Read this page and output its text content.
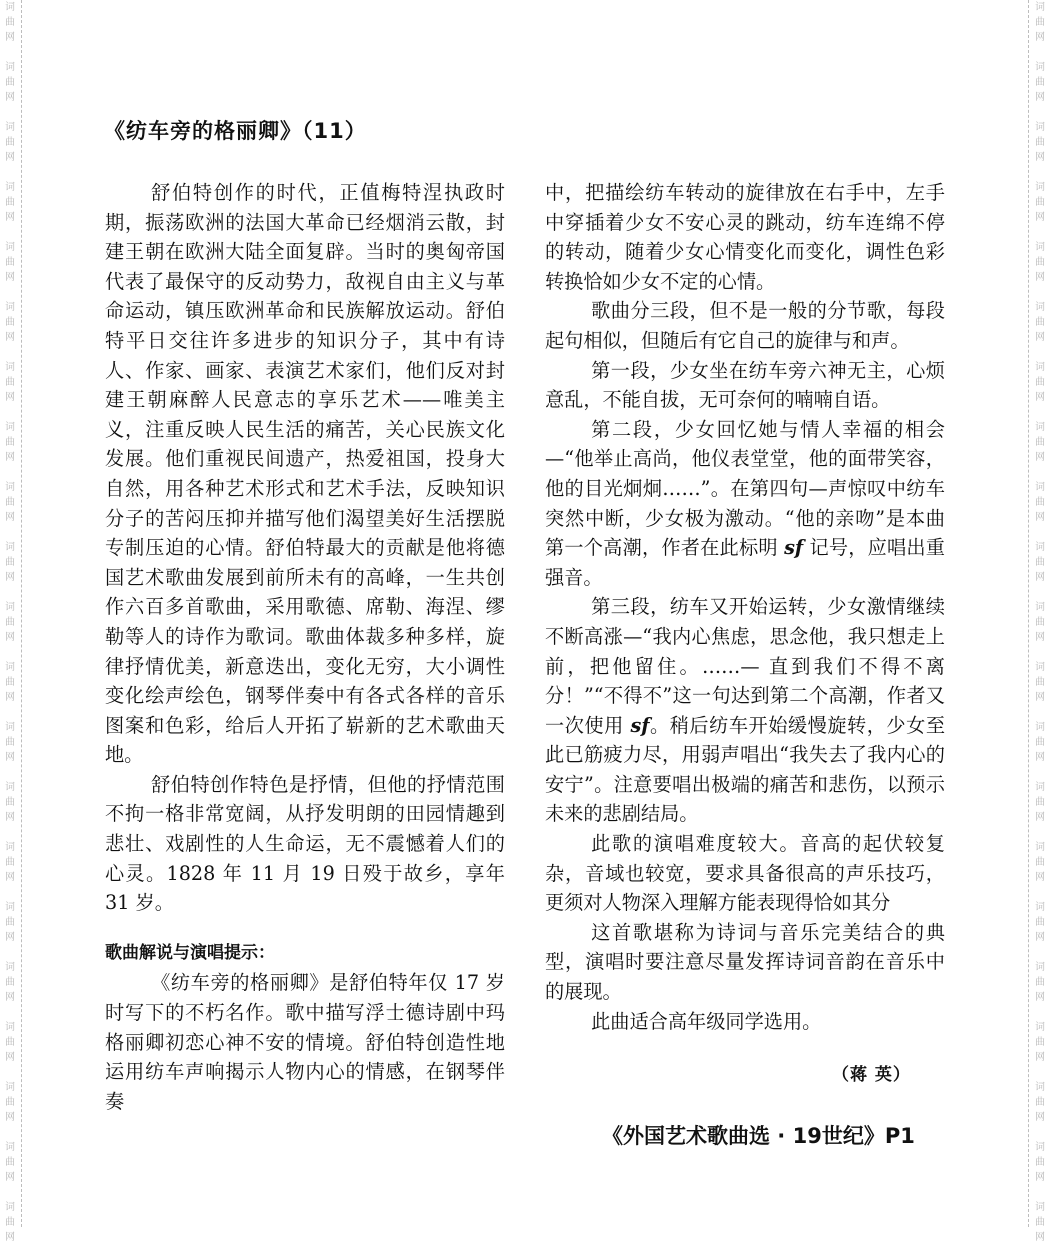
词
曲
网
词
曲
网
词
曲
网
词
曲
网
词
曲
网
词
曲
网
词
曲
网
词
曲
网
词
曲
网
词
曲
网
词
曲
网
词
曲
网
词
曲
网
词
曲
网
词
曲
网
词
曲
网
词
曲
网
词
曲
网
词
曲
网
词
曲
网
词
曲
网
词
曲
网
词
曲
网
词
曲
网
词
曲
网
词
曲
网
词
曲
网
词
曲
网
词
曲
网
词
曲
网
词
曲
网
词
曲
网
词
曲
网
词
曲
网
词
曲
网
词
曲
网
词
曲
网
词
曲
网
词
曲
网
词
曲
网
词
曲
网
词
曲
网
《纺车旁的格丽卿》（11）

舒伯特创作的时代，正值梅特涅执政时期，振荡欧洲的法国大革命已经烟消云散，封建王朝在欧洲大陆全面复辟。当时的奥匈帝国代表了最保守的反动势力，敌视自由主义与革命运动，镇压欧洲革命和民族解放运动。舒伯特平日交往许多进步的知识分子，其中有诗人、作家、画家、表演艺术家们，他们反对封建王朝麻醉人民意志的享乐艺术——唯美主义，注重反映人民生活的痛苦，关心民族文化发展。他们重视民间遗产，热爱祖国，投身大自然，用各种艺术形式和艺术手法，反映知识分子的苦闷压抑并描写他们渴望美好生活摆脱专制压迫的心情。舒伯特最大的贡献是他将德国艺术歌曲发展到前所未有的高峰，一生共创作六百多首歌曲，采用歌德、席勒、海涅、缪勒等人的诗作为歌词。歌曲体裁多种多样，旋律抒情优美，新意迭出，变化无穷，大小调性变化绘声绘色，钢琴伴奏中有各式各样的音乐图案和色彩，给后人开拓了崭新的艺术歌曲天地。

舒伯特创作特色是抒情，但他的抒情范围不拘一格非常宽阔，从抒发明朗的田园情趣到悲壮、戏剧性的人生命运，无不震憾着人们的心灵。1828 年 11 月 19 日殁于故乡，享年 31 岁。

歌曲解说与演唱提示：

《纺车旁的格丽卿》是舒伯特年仅 17 岁时写下的不朽名作。歌中描写浮士德诗剧中玛格丽卿初恋心神不安的情境。舒伯特创造性地运用纺车声响揭示人物内心的情感，在钢琴伴奏

中，把描绘纺车转动的旋律放在右手中，左手中穿插着少女不安心灵的跳动，纺车连绵不停的转动，随着少女心情变化而变化，调性色彩转换恰如少女不定的心情。

歌曲分三段，但不是一般的分节歌，每段起句相似，但随后有它自己的旋律与和声。

第一段，少女坐在纺车旁六神无主，心烦意乱，不能自拔，无可奈何的喃喃自语。

第二段，少女回忆她与情人幸福的相会—“他举止高尚，他仪表堂堂，他的面带笑容，他的目光炯炯……”。在第四句—声惊叹中纺车突然中断，少女极为激动。“他的亲吻”是本曲第一个高潮，作者在此标明 sf 记号，应唱出重强音。

第三段，纺车又开始运转，少女激情继续不断高涨—“我内心焦虑，思念他，我只想走上前，把他留住。……— 直到我们不得不离分！”“不得不”这一句达到第二个高潮，作者又一次使用 sf。稍后纺车开始缓慢旋转，少女至此已筋疲力尽，用弱声唱出“我失去了我内心的安宁”。注意要唱出极端的痛苦和悲伤，以预示未来的悲剧结局。

此歌的演唱难度较大。音高的起伏较复杂，音域也较宽，要求具备很高的声乐技巧，更须对人物深入理解方能表现得恰如其分

这首歌堪称为诗词与音乐完美结合的典型，演唱时要注意尽量发挥诗词音韵在音乐中的展现。

此曲适合高年级同学选用。

（蒋 英）
《外国艺术歌曲选 · 19世纪》P1
